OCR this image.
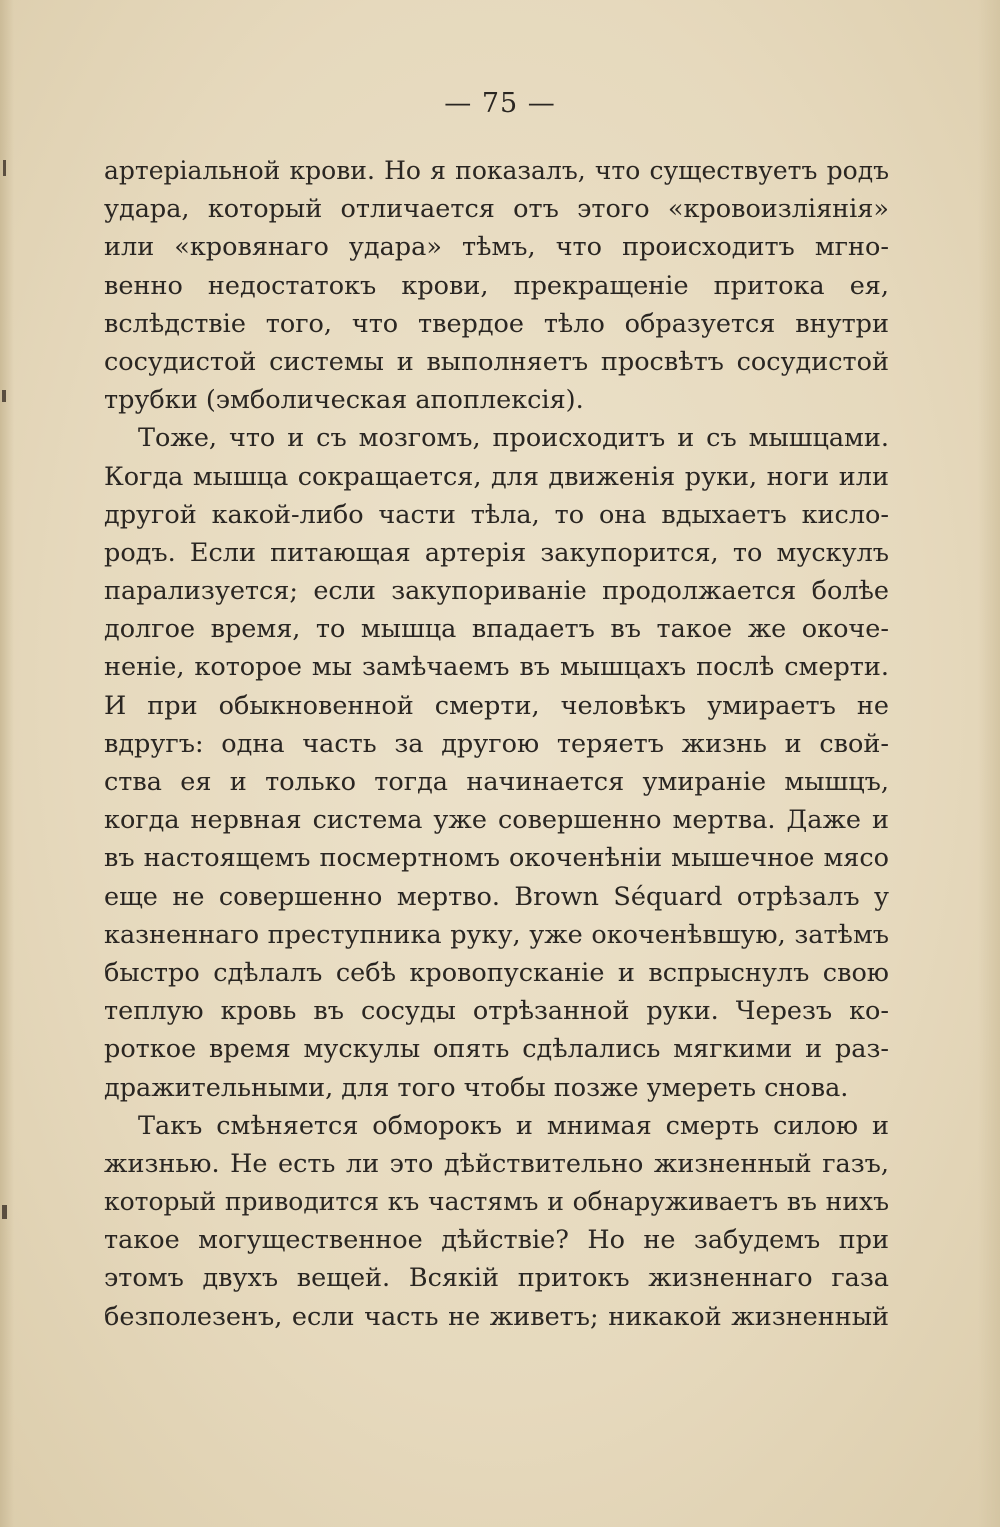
— 75 —
артеріальной крови. Но я показалъ, что существуетъ родъ
удара, который отличается отъ этого «кровоизліянія»
или «кровянаго удара» тѣмъ, что происходитъ мгно-
венно недостатокъ крови, прекращеніе притока ея,
вслѣдствіе того, что твердое тѣло образуется внутри
сосудистой системы и выполняетъ просвѣтъ сосудистой
трубки (эмболическая апоплексія).
Тоже, что и съ мозгомъ, происходитъ и съ мышцами.
Когда мышца сокращается, для движенія руки, ноги или
другой какой-либо части тѣла, то она вдыхаетъ кисло-
родъ. Если питающая артерія закупорится, то мускулъ
парализуется; если закупориваніе продолжается болѣе
долгое время, то мышца впадаетъ въ такое же окоче-
неніе, которое мы замѣчаемъ въ мышцахъ послѣ смерти.
И при обыкновенной смерти, человѣкъ умираетъ не
вдругъ: одна часть за другою теряетъ жизнь и свой-
ства ея и только тогда начинается умираніе мышцъ,
когда нервная система уже совершенно мертва. Даже и
въ настоящемъ посмертномъ окоченѣніи мышечное мясо
еще не совершенно мертво. Brown Séquard отрѣзалъ у
казненнаго преступника руку, уже окоченѣвшую, затѣмъ
быстро сдѣлалъ себѣ кровопусканіе и вспрыснулъ свою
теплую кровь въ сосуды отрѣзанной руки. Черезъ ко-
роткое время мускулы опять сдѣлались мягкими и раз-
дражительными, для того чтобы позже умереть снова.
Такъ смѣняется обморокъ и мнимая смерть силою и
жизнью. Не есть ли это дѣйствительно жизненный газъ,
который приводится къ частямъ и обнаруживаетъ въ нихъ
такое могущественное дѣйствіе? Но не забудемъ при
этомъ двухъ вещей. Всякій притокъ жизненнаго газа
безполезенъ, если часть не живетъ; никакой жизненный
